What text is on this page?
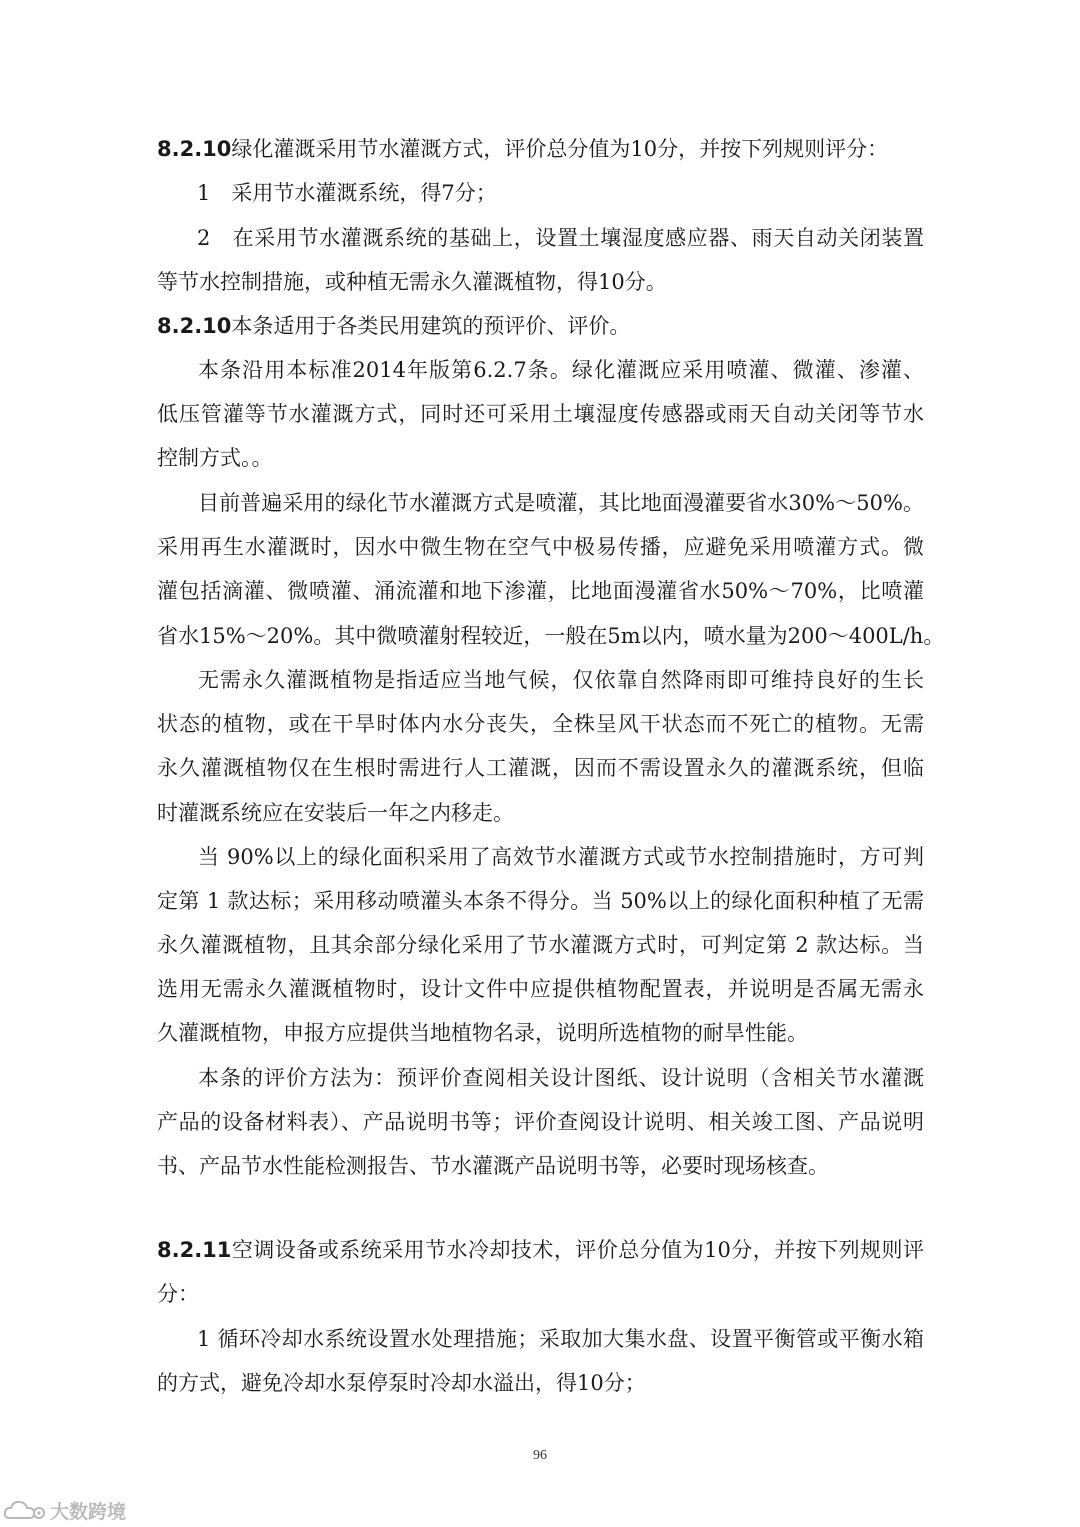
8.2.10绿化灌溉采用节水灌溉方式，评价总分值为10分，并按下列规则评分：
1　采用节水灌溉系统，得7分；
2　在采用节水灌溉系统的基础上，设置土壤湿度感应器、雨天自动关闭装置
等节水控制措施，或种植无需永久灌溉植物，得10分。
8.2.10本条适用于各类民用建筑的预评价、评价。
本条沿用本标准2014年版第6.2.7条。绿化灌溉应采用喷灌、微灌、渗灌、
低压管灌等节水灌溉方式，同时还可采用土壤湿度传感器或雨天自动关闭等节水
控制方式。。
目前普遍采用的绿化节水灌溉方式是喷灌，其比地面漫灌要省水30%～50%。
采用再生水灌溉时，因水中微生物在空气中极易传播，应避免采用喷灌方式。微
灌包括滴灌、微喷灌、涌流灌和地下渗灌，比地面漫灌省水50%～70%，比喷灌
省水15%～20%。其中微喷灌射程较近，一般在5m以内，喷水量为200～400L/h。
无需永久灌溉植物是指适应当地气候，仅依靠自然降雨即可维持良好的生长
状态的植物，或在干旱时体内水分丧失，全株呈风干状态而不死亡的植物。无需
永久灌溉植物仅在生根时需进行人工灌溉，因而不需设置永久的灌溉系统，但临
时灌溉系统应在安装后一年之内移走。
当 90%以上的绿化面积采用了高效节水灌溉方式或节水控制措施时，方可判
定第 1 款达标；采用移动喷灌头本条不得分。当 50%以上的绿化面积种植了无需
永久灌溉植物，且其余部分绿化采用了节水灌溉方式时，可判定第 2 款达标。当
选用无需永久灌溉植物时，设计文件中应提供植物配置表，并说明是否属无需永
久灌溉植物，申报方应提供当地植物名录，说明所选植物的耐旱性能。
本条的评价方法为：预评价查阅相关设计图纸、设计说明（含相关节水灌溉
产品的设备材料表）、产品说明书等；评价查阅设计说明、相关竣工图、产品说明
书、产品节水性能检测报告、节水灌溉产品说明书等，必要时现场核查。
8.2.11空调设备或系统采用节水冷却技术，评价总分值为10分，并按下列规则评
分：
1 循环冷却水系统设置水处理措施；采取加大集水盘、设置平衡管或平衡水箱
的方式，避免冷却水泵停泵时冷却水溢出，得10分；
96
大数跨境
